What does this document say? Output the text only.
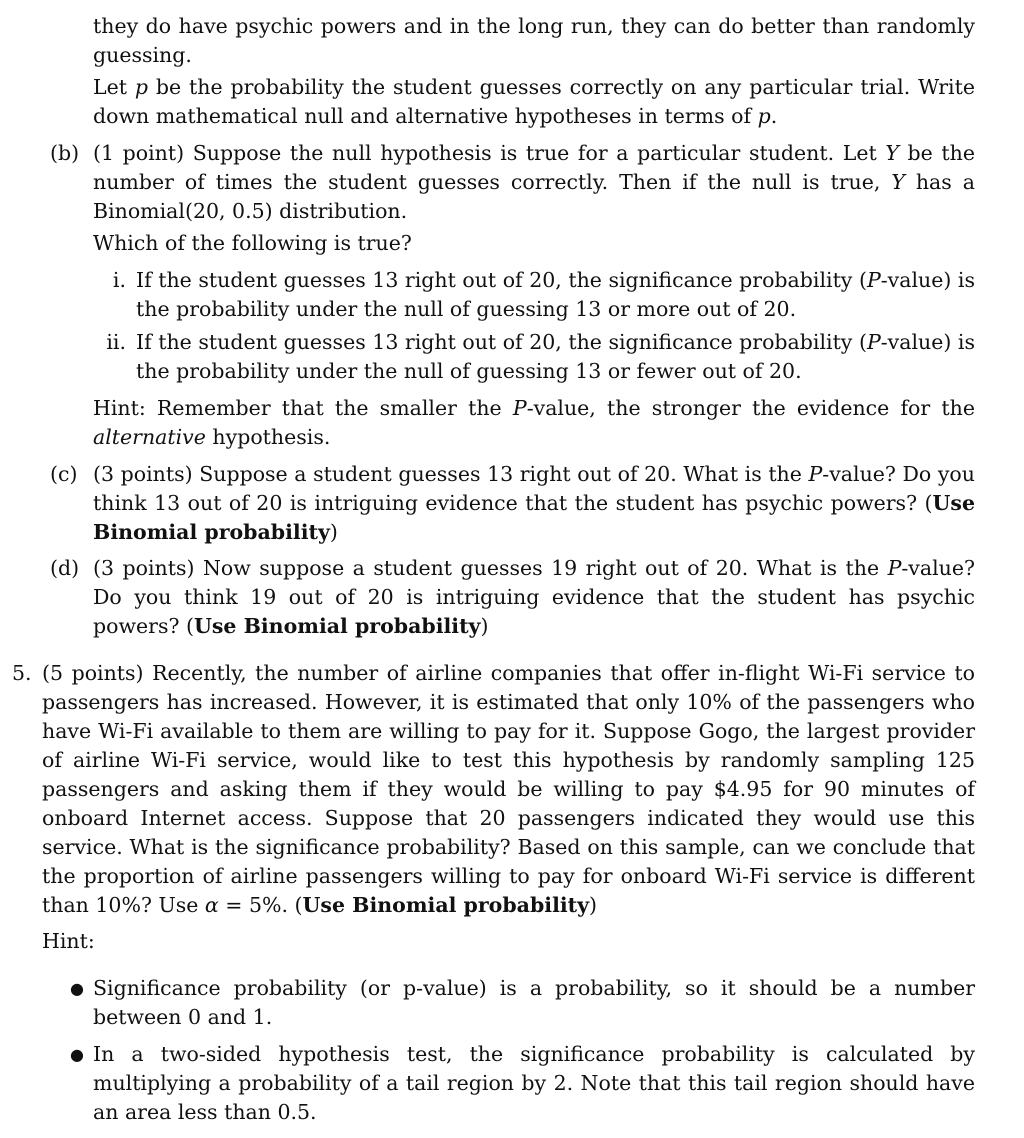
they do have psychic powers and in the long run, they can do better than randomly guessing.

Let p be the probability the student guesses correctly on any particular trial. Write down mathematical null and alternative hypotheses in terms of p.

(b) (1 point) Suppose the null hypothesis is true for a particular student. Let Y be the number of times the student guesses correctly. Then if the null is true, Y has a Binomial(20, 0.5) distribution.

Which of the following is true?

i. If the student guesses 13 right out of 20, the significance probability (P-value) is the probability under the null of guessing 13 or more out of 20.

ii. If the student guesses 13 right out of 20, the significance probability (P-value) is the probability under the null of guessing 13 or fewer out of 20.

Hint: Remember that the smaller the P-value, the stronger the evidence for the alternative hypothesis.

(c) (3 points) Suppose a student guesses 13 right out of 20. What is the P-value? Do you think 13 out of 20 is intriguing evidence that the student has psychic powers? (Use Binomial probability)

(d) (3 points) Now suppose a student guesses 19 right out of 20. What is the P-value? Do you think 19 out of 20 is intriguing evidence that the student has psychic powers? (Use Binomial probability)

5. (5 points) Recently, the number of airline companies that offer in-flight Wi-Fi service to passengers has increased. However, it is estimated that only 10% of the passengers who have Wi-Fi available to them are willing to pay for it. Suppose Gogo, the largest provider of airline Wi-Fi service, would like to test this hypothesis by randomly sampling 125 passengers and asking them if they would be willing to pay $4.95 for 90 minutes of onboard Internet access. Suppose that 20 passengers indicated they would use this service. What is the significance probability? Based on this sample, can we conclude that the proportion of airline passengers willing to pay for onboard Wi-Fi service is different than 10%? Use α = 5%. (Use Binomial probability)

Hint:
● Significance probability (or p-value) is a probability, so it should be a number between 0 and 1.

● In a two-sided hypothesis test, the significance probability is calculated by multiplying a probability of a tail region by 2. Note that this tail region should have an area less than 0.5.
